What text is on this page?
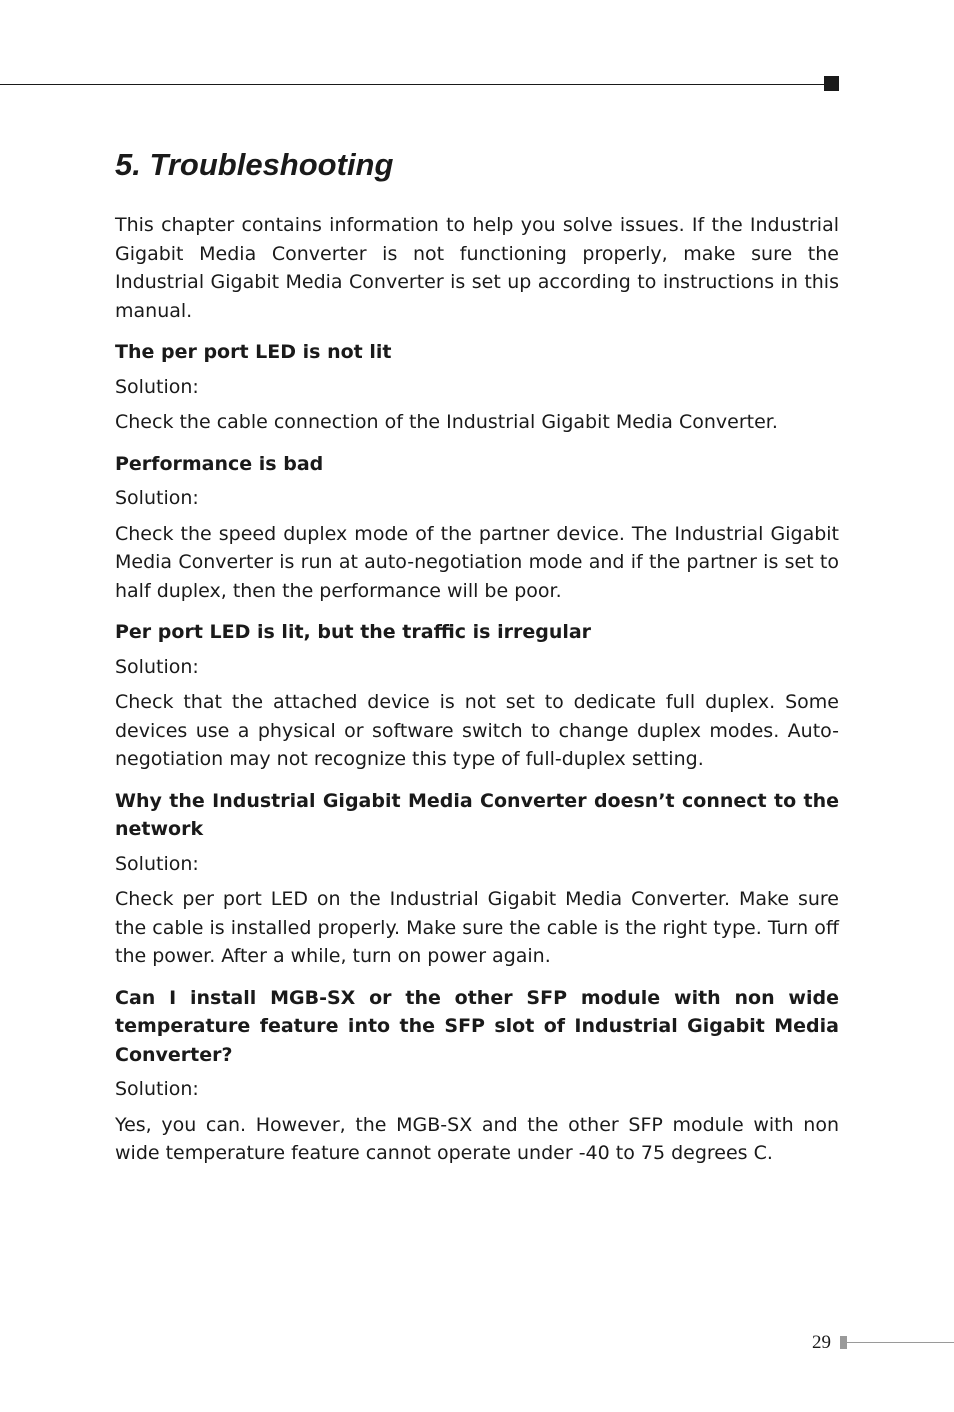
5. Troubleshooting

This chapter contains information to help you solve issues. If the Industrial Gigabit Media Converter is not functioning properly, make sure the Industrial Gigabit Media Converter is set up according to instructions in this manual.

The per port LED is not lit

Solution:

Check the cable connection of the Industrial Gigabit Media Converter.

Performance is bad

Solution:

Check the speed duplex mode of the partner device. The Industrial Gigabit Media Converter is run at auto-negotiation mode and if the partner is set to half duplex, then the performance will be poor.

Per port LED is lit, but the traffic is irregular

Solution:

Check that the attached device is not set to dedicate full duplex. Some devices use a physical or software switch to change duplex modes. Auto-negotiation may not recognize this type of full-duplex setting.

Why the Industrial Gigabit Media Converter doesn’t connect to the network

Solution:

Check per port LED on the Industrial Gigabit Media Converter. Make sure the cable is installed properly. Make sure the cable is the right type. Turn off the power. After a while, turn on power again.

Can I install MGB-SX or the other SFP module with non wide temperature feature into the SFP slot of Industrial Gigabit Media Converter?

Solution:

Yes, you can. However, the MGB-SX and the other SFP module with non wide temperature feature cannot operate under -40 to 75 degrees C.

29
